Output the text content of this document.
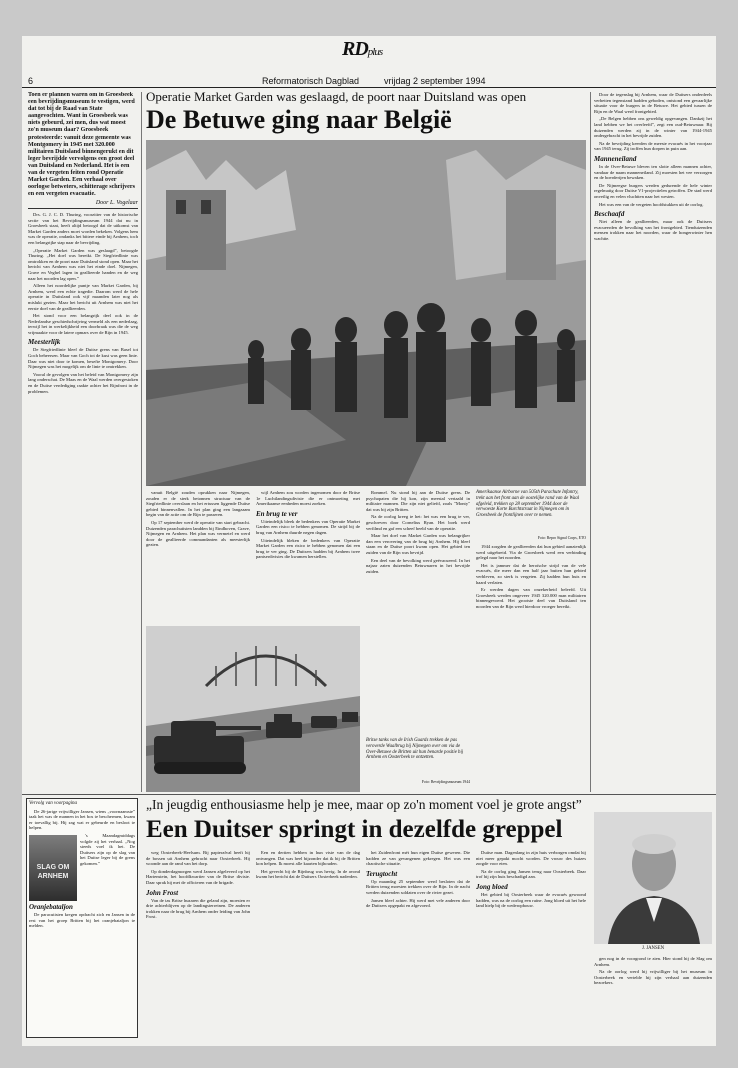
RDplus
6	Reformatorisch Dagblad	vrijdag 2 september 1994
Toen er plannen waren om in Groesbeek een bevrijdingsmuseum te vestigen, werd dat tot bij de Raad van State aangevochten. Want in Groesbeek was niets gebeurd, zei men, dus wat moest zo'n museum daar? Groesbeek protesteerde: vanuit deze gemeente was Montgomery in 1945 met 320.000 militairen Duitsland binnengerukt en dit leger bevrijdde vervolgens een groot deel van Duitsland en Nederland. Het is een van de vergeten feiten rond Operatie Market Garden. Een verhaal over oorlogse betweters, schitterage schrijvers en een vergeten evacuatie.
Door L. Vogelaar

Drs. G. J. C. D. Thuring, voorzitter van de historische sectie van het Bevrijdingsmuseum 1944 dat nu in Groesbeek staat, heeft altijd betoogd dat de uitkomst van Market Garden anders moet worden bekeken. Volgens hem was de operatie, ondanks het bittere einde bij Arnhem, toch een belangrijke stap naar de bevrijding.

„Operatie Market Garden was geslaagd”, betoogde Thuring. „Het doel was bereikt. De Siegfriedlinie was omtrokken en de poort naar Duitsland stond open. Maar het bericht van Arnhem was niet het einde doel. Nijmegen, Grave en Veghel lagen in geallieerde handen en de weg naar het noorden lag open.”

Alleen het noordelijke puntje van Market Garden, bij Arnhem, werd een echte tragedie. Daarom werd de hele operatie in Duitsland ook vijf maanden later nog als mislukt gezien. Maar het bericht uit Arnhem was niet het eerste doel van de geallieerden.

Het stond voor een belangrijk deel ook in de Nederlandse geschiedschrijving vermeld als een nederlaag, terwijl het in werkelijkheid een doorbraak was die de weg vrijmaakte voor de latere opmars over de Rijn in 1945.

Meesterlijk

De Siegfriedlinie bleef de Duitse grens van Basel tot Goch beheersen. Maar van Goch tot de kust was geen linie. Daar was niet door te komen, besefte Montgomery. Door Nijmegen was het mogelijk om de linie te omtrekken.

Vooral de gevolgen van het beleid van Montgomery zijn lang onderschat. De Maas en de Waal werden overgestoken en de Duitse verdediging raakte achter het Rijnfront in de problemen.

Operatie Market Garden was geslaagd, de poort naar Duitsland was open
De Betuwe ging naar België

vanuit België zouden oprukken naar Nijmegen, zouden er de sterk betonnen structuur van de Siegfriedlinie overslaan en het ertussen liggende Duitse gebied binnenvallen. In het plan ging een langzaam begin van de actie om de Rijn te passeren.

Op 17 september werd de operatie van start gebracht. Duizenden parachutisten landden bij Eindhoven, Grave, Nijmegen en Arnhem. Het plan was vermetel en werd door de geallieerde commandanten als meesterlijk gezien.

wijl Arnhem zou worden ingenomen door de Britse 1e Luchtlandingsdivisie die er ontmoeting met Amerikaanse eenheden moest zoeken.

En brug te ver

Uiteindelijk bleek de bedenkers van Operatie Market Garden een risico te hebben genomen. De strijd bij de brug van Arnhem duurde negen dagen.

Uiteindelijk bleken de bedenkers van Operatie Market Garden een risico te hebben genomen dat een brug te ver ging. De Duitsers hadden bij Arnhem twee pantserdivisies die kwamen herstellen.

Rommel. Nu stond hij aan de Duitse grens. De psychopaten die hij kon, zijn meestal vertaald in militaire mannen. Die zijn niet geliefd, zoals "Monty" dat was bij zijn Britten.

Na de oorlog kreeg ie het: het was een brug te ver, geschreven door Cornelius Ryan. Het boek werd verfilmd en gaf een scheef beeld van de operatie.

Maar het doel van Market Garden was belangrijker dan een verovering van de brug bij Arnhem. Hij bleef staan en de Duitse poort kwam open. Het gebied ten zuiden van de Rijn was bevrijd.

Een deel van de bevolking werd geëvacueerd. In het najaar zaten duizenden Betuwnaren in het bevrijde zuiden.

Britse tanks van de Irish Guards trekken de pas veroverde Waalbrug bij Nijmegen over om via de Over-Betuwe de Britten uit hun benarde positie bij Arnhem en Oosterbeek te ontzetten.
Foto: Bevrijdingsmuseum 1944
Amerikaanse Airborne van 505th Parachute Infantry, trekt aan het front aan de oostelijke rand van de Waal afgeleid, trekken op 28 september 1944 door de verwoeste Korte Burchtstraat in Nijmegen om in Groesbeek de frontlijnen over te nemen.
Foto: Repro Signal Corps, ETO

1944 zorgden de geallieerden dat hun gebied aanzienlijk werd uitgebreid. Via de Groesbeek werd een verbinding gelegd naar het noorden.

Het is jammer dat de heroïsche strijd van de vele evacués, die meer dan een half jaar buiten hun gebied verbleven, zo sterk is vergeten. Zij hadden hun huis en haard verlaten.

Er werden dagen van onzekerheid beleefd. Uit Groesbeek werden ongeveer 1945 320.000 man militairen binnengevoerd. Het grootste deel van Duitsland ten noorden van de Rijn werd hierdoor vroeger bereikt.

Door de tegenslag bij Arnhem, waar de Duitsers onderdeels verbetten tegenstand hadden geboden, ontstond een gevaarlijke situatie voor de burgers in de Betuwe. Het gebied tussen de Rijn en de Waal werd frontgebied.

„De Belgen hebben ons geweldig opgevangen. Dankzij het land hebben we het overleefd”, zegt een oud-Betuwnaar. Bij duizenden werden zij in de winter van 1944-1945 ondergebracht in het bevrijde zuiden.

Na de bevrijding keerden de meeste evacués in het voorjaar van 1945 terug. Zij troffen hun dorpen in puin aan.

Manneneiland

In de Over-Betuwe bleven ten slotte alleen mannen achter, vandaar de naam manneneiland. Zij moesten het vee verzorgen en de boerderijen bewaken.

De Nijmeegse burgers werden gedurende de hele winter regelmatig door Duitse V1-projectielen getroffen. De stad werd onveilig en velen vluchtten naar het westen.

Het was een van de vergeten hoofdstukken uit de oorlog.

Beschaafd

Niet alleen de geallieerden, maar ook de Duitsers evacueerden de bevolking van het frontgebied. Tienduizenden mensen trokken naar het noorden, waar de hongerwinter hen wachtte.

Vervolg van voorpagina

De 26-jarige vrijwilliger Jansen, wiens „voornaamste” taak het was de mannen in het bos te beschermen, kwam er toevallig bij. Hij zag wat er gebeurde en besloot te helpen.

SLAG OM
ARNHEM

's Maandagmiddags volgde zij het verhaal. „Nog steeds voel ik het. De Duitsers zijn op de slag van het Duitse leger bij de grens gekomen.”

Oranjebataljon

De paracutisten kregen opdracht zich en Jansen in de rest van het groep Britten bij het oranjebataljon te melden.

„In jeugdig enthousiasme help je mee, maar op zo'n moment voel je grote angst”
Een Duitser springt in dezelfde greppel

weg Oosterbeek-Heelsum. Bij papierafval heeft hij de bossen uit Arnhem gebracht naar Oosterbeek. Hij woonde aan de rand van het dorp.

Op donderdagmorgen werd Jansen afgeleverd op het Hartenstein, het hoofdkwartier van de Britse divisie. Daar sprak hij met de officieren van de brigade.

John Frost

Van de tas Britse huzaren die geland zijn, moesten er drie achterblijven op de landingsterreinen. De anderen trokken naar de brug bij Arnhem onder leiding van John Frost.

Een en dertien hebben in hun visie van de dag ontvangen. Dat was heel bijzonder dat ik bij de Britten kon helpen. Ik moest alle kaarten bijhouden.

Het gevecht bij de Rijnbrug was hevig. In de avond kwam het bericht dat de Duitsers Oosterbeek naderden.

het Zuidenfront mét hun eigen Duitse geweren. Die hadden ze van gevangenen gekregen. Het was een chaotische situatie.

Terugtocht

Op maandag 25 september werd besloten dat de Britten terug moesten trekken over de Rijn. In de nacht werden duizenden soldaten over de rivier gezet.

Jansen bleef achter. Hij werd met vele anderen door de Duitsers opgepakt en afgevoerd.

Duitse man. Dagenlang in zijn huis verborgen omdat hij niet meer gepakt mocht worden. De vrouw des huizes zorgde voor eten.

Na de oorlog ging Jansen terug naar Oosterbeek. Daar trof hij zijn huis beschadigd aan.

Jong bloed

Het gebied bij Oosterbeek waar de evacués gewoond hadden, was na de oorlog een ruïne. Jong bloed uit het hele land hielp bij de wederopbouw.

J. JANSEN

gen nog in de voorgrond te zien. Hier stond hij de Slag om Arnhem.

Na de oorlog werd hij vrijwilliger bij het museum in Oosterbeek en vertelde hij zijn verhaal aan duizenden bezoekers.
